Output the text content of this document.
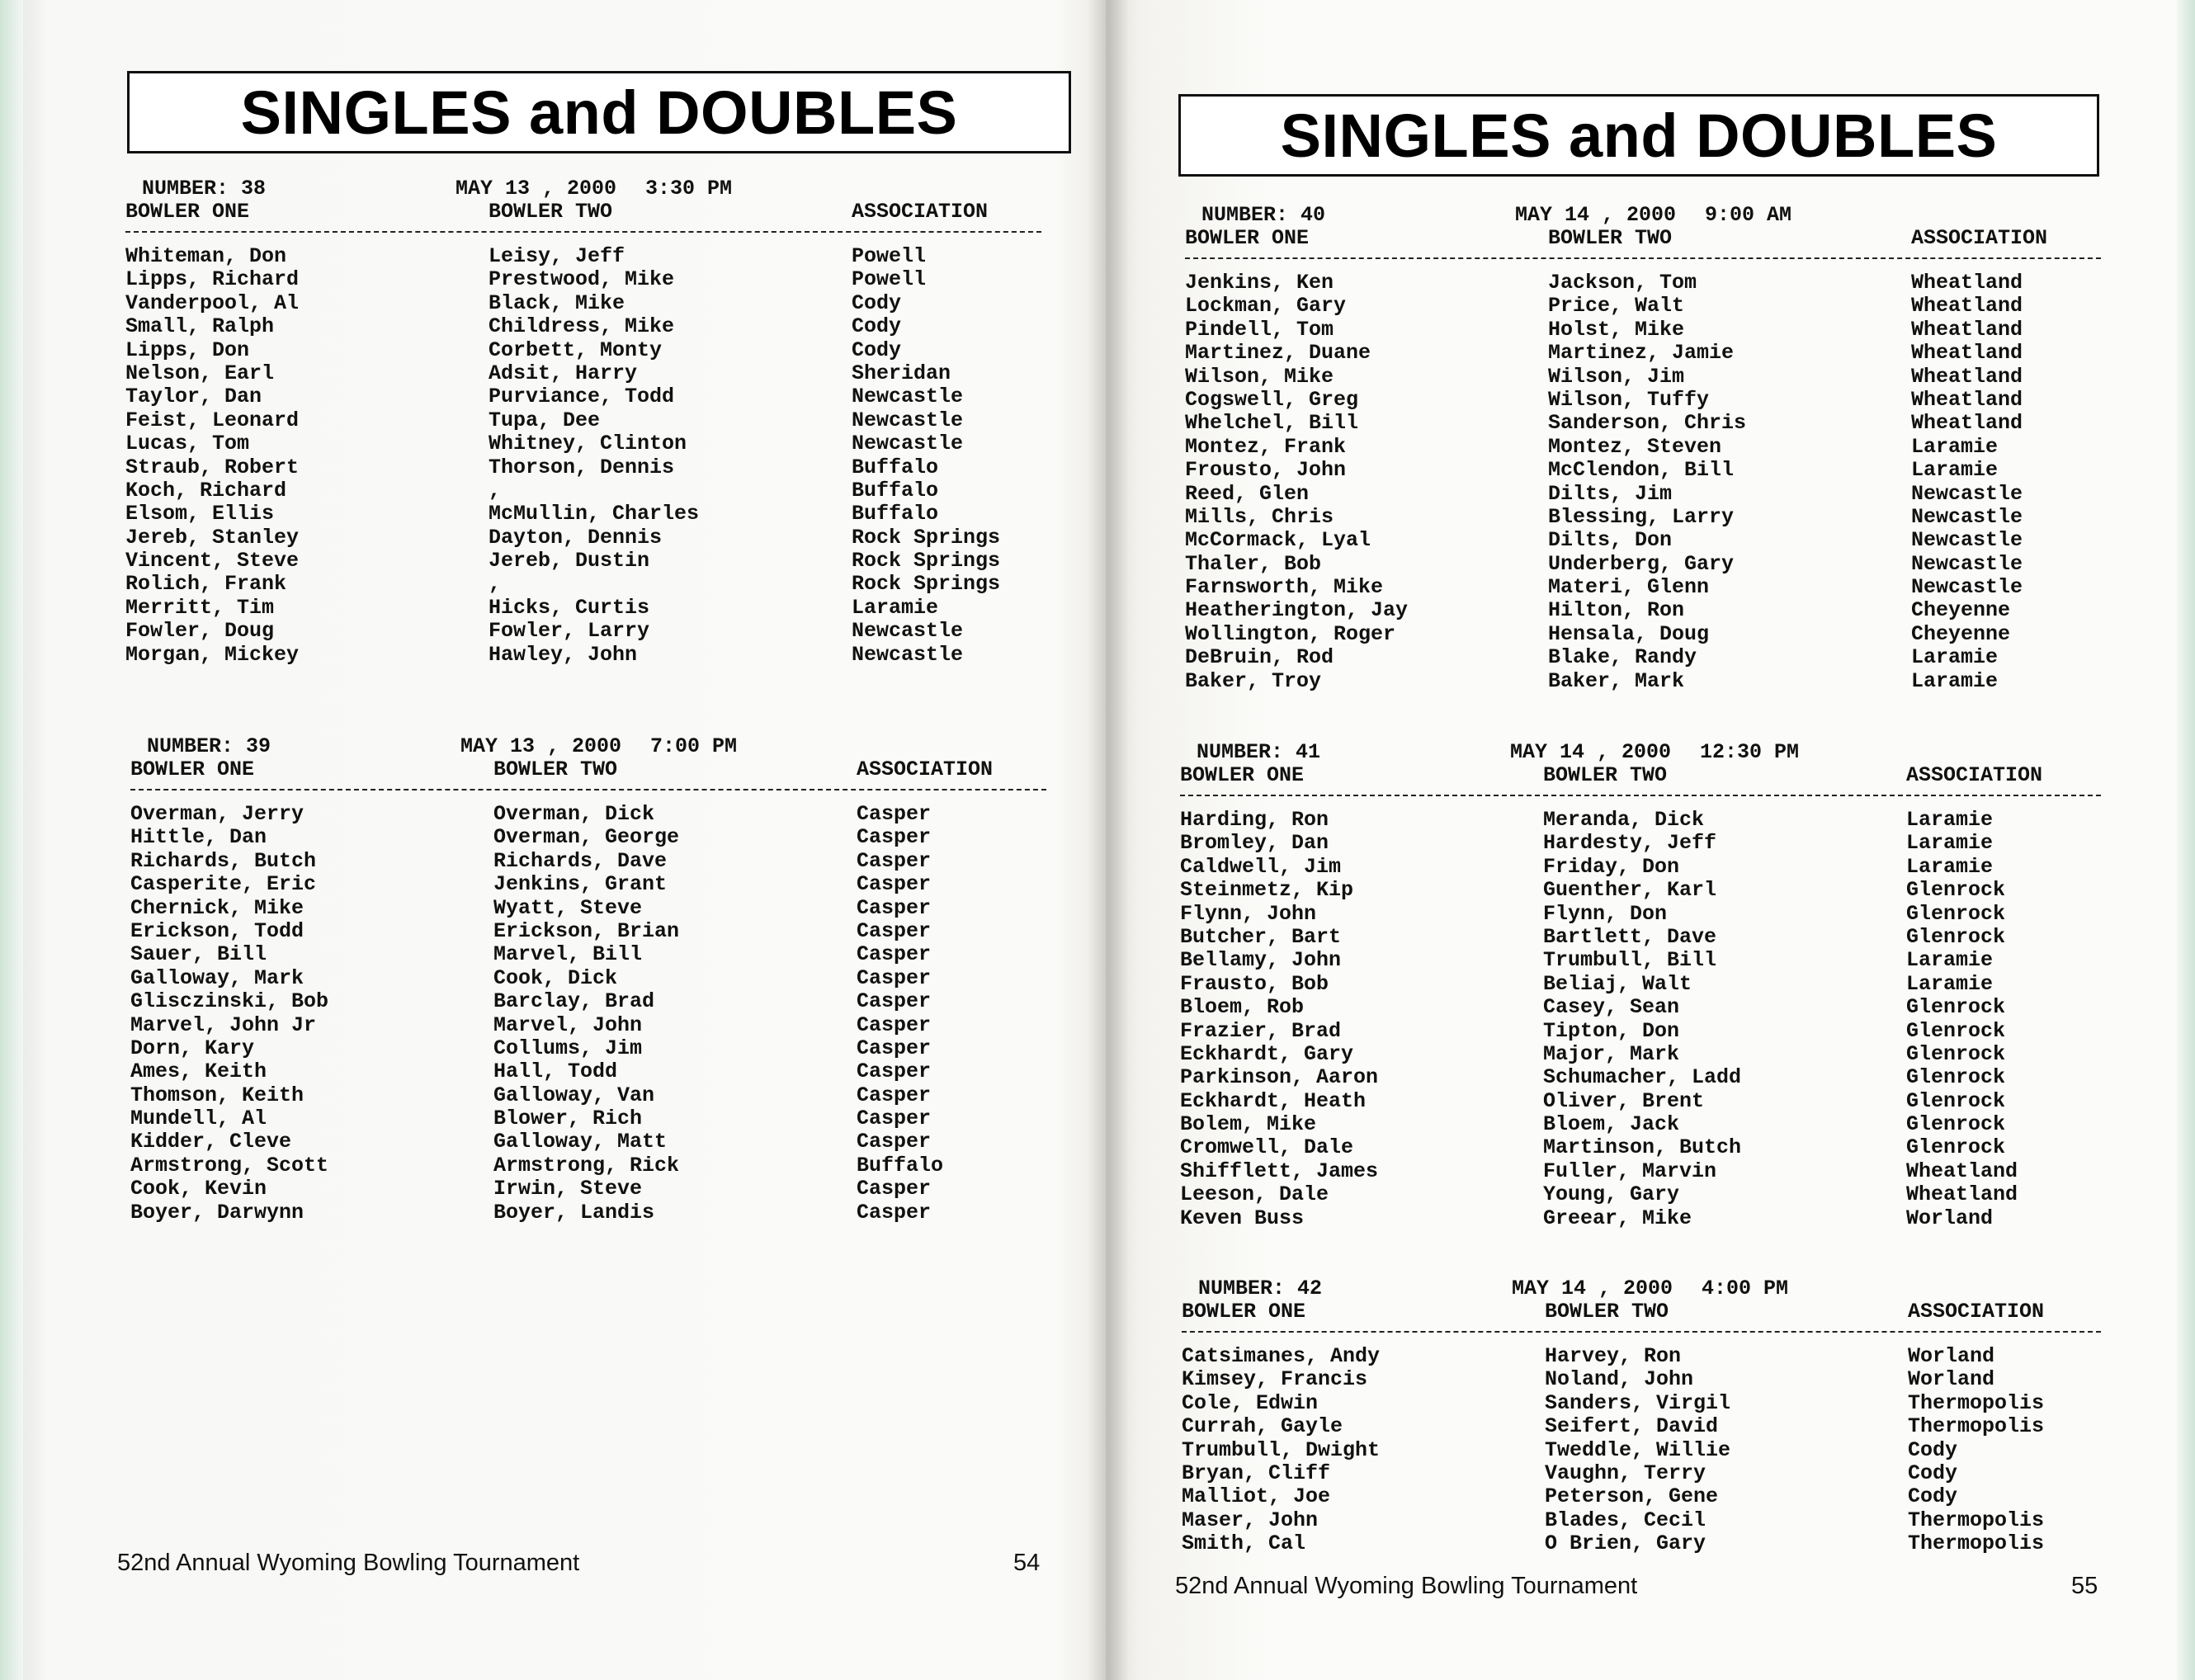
SINGLES and DOUBLES
NUMBER: 38	MAY 13 , 2000 3:30 PM
BOWLER ONE	BOWLER TWO	ASSOCIATION
Whiteman, Don	Leisy, Jeff	Powell
Lipps, Richard	Prestwood, Mike	Powell
Vanderpool, Al	Black, Mike	Cody
Small, Ralph	Childress, Mike	Cody
Lipps, Don	Corbett, Monty	Cody
Nelson, Earl	Adsit, Harry	Sheridan
Taylor, Dan	Purviance, Todd	Newcastle
Feist, Leonard	Tupa, Dee	Newcastle
Lucas, Tom	Whitney, Clinton	Newcastle
Straub, Robert	Thorson, Dennis	Buffalo
Koch, Richard	,	Buffalo
Elsom, Ellis	McMullin, Charles	Buffalo
Jereb, Stanley	Dayton, Dennis	Rock Springs
Vincent, Steve	Jereb, Dustin	Rock Springs
Rolich, Frank	,	Rock Springs
Merritt, Tim	Hicks, Curtis	Laramie
Fowler, Doug	Fowler, Larry	Newcastle
Morgan, Mickey	Hawley, John	Newcastle
NUMBER: 39	MAY 13 , 2000 7:00 PM
BOWLER ONE	BOWLER TWO	ASSOCIATION
Overman, Jerry	Overman, Dick	Casper
Hittle, Dan	Overman, George	Casper
Richards, Butch	Richards, Dave	Casper
Casperite, Eric	Jenkins, Grant	Casper
Chernick, Mike	Wyatt, Steve	Casper
Erickson, Todd	Erickson, Brian	Casper
Sauer, Bill	Marvel, Bill	Casper
Galloway, Mark	Cook, Dick	Casper
Glisczinski, Bob	Barclay, Brad	Casper
Marvel, John Jr	Marvel, John	Casper
Dorn, Kary	Collums, Jim	Casper
Ames, Keith	Hall, Todd	Casper
Thomson, Keith	Galloway, Van	Casper
Mundell, Al	Blower, Rich	Casper
Kidder, Cleve	Galloway, Matt	Casper
Armstrong, Scott	Armstrong, Rick	Buffalo
Cook, Kevin	Irwin, Steve	Casper
Boyer, Darwynn	Boyer, Landis	Casper
52nd Annual Wyoming Bowling Tournament	54
SINGLES and DOUBLES
NUMBER: 40	MAY 14 , 2000 9:00 AM
BOWLER ONE	BOWLER TWO	ASSOCIATION
Jenkins, Ken	Jackson, Tom	Wheatland
Lockman, Gary	Price, Walt	Wheatland
Pindell, Tom	Holst, Mike	Wheatland
Martinez, Duane	Martinez, Jamie	Wheatland
Wilson, Mike	Wilson, Jim	Wheatland
Cogswell, Greg	Wilson, Tuffy	Wheatland
Whelchel, Bill	Sanderson, Chris	Wheatland
Montez, Frank	Montez, Steven	Laramie
Frousto, John	McClendon, Bill	Laramie
Reed, Glen	Dilts, Jim	Newcastle
Mills, Chris	Blessing, Larry	Newcastle
McCormack, Lyal	Dilts, Don	Newcastle
Thaler, Bob	Underberg, Gary	Newcastle
Farnsworth, Mike	Materi, Glenn	Newcastle
Heatherington, Jay	Hilton, Ron	Cheyenne
Wollington, Roger	Hensala, Doug	Cheyenne
DeBruin, Rod	Blake, Randy	Laramie
Baker, Troy	Baker, Mark	Laramie
NUMBER: 41	MAY 14 , 2000 12:30 PM
BOWLER ONE	BOWLER TWO	ASSOCIATION
Harding, Ron	Meranda, Dick	Laramie
Bromley, Dan	Hardesty, Jeff	Laramie
Caldwell, Jim	Friday, Don	Laramie
Steinmetz, Kip	Guenther, Karl	Glenrock
Flynn, John	Flynn, Don	Glenrock
Butcher, Bart	Bartlett, Dave	Glenrock
Bellamy, John	Trumbull, Bill	Laramie
Frausto, Bob	Beliaj, Walt	Laramie
Bloem, Rob	Casey, Sean	Glenrock
Frazier, Brad	Tipton, Don	Glenrock
Eckhardt, Gary	Major, Mark	Glenrock
Parkinson, Aaron	Schumacher, Ladd	Glenrock
Eckhardt, Heath	Oliver, Brent	Glenrock
Bolem, Mike	Bloem, Jack	Glenrock
Cromwell, Dale	Martinson, Butch	Glenrock
Shifflett, James	Fuller, Marvin	Wheatland
Leeson, Dale	Young, Gary	Wheatland
Keven Buss	Greear, Mike	Worland
NUMBER: 42	MAY 14 , 2000 4:00 PM
BOWLER ONE	BOWLER TWO	ASSOCIATION
Catsimanes, Andy	Harvey, Ron	Worland
Kimsey, Francis	Noland, John	Worland
Cole, Edwin	Sanders, Virgil	Thermopolis
Currah, Gayle	Seifert, David	Thermopolis
Trumbull, Dwight	Tweddle, Willie	Cody
Bryan, Cliff	Vaughn, Terry	Cody
Malliot, Joe	Peterson, Gene	Cody
Maser, John	Blades, Cecil	Thermopolis
Smith, Cal	O Brien, Gary	Thermopolis
52nd Annual Wyoming Bowling Tournament	55
